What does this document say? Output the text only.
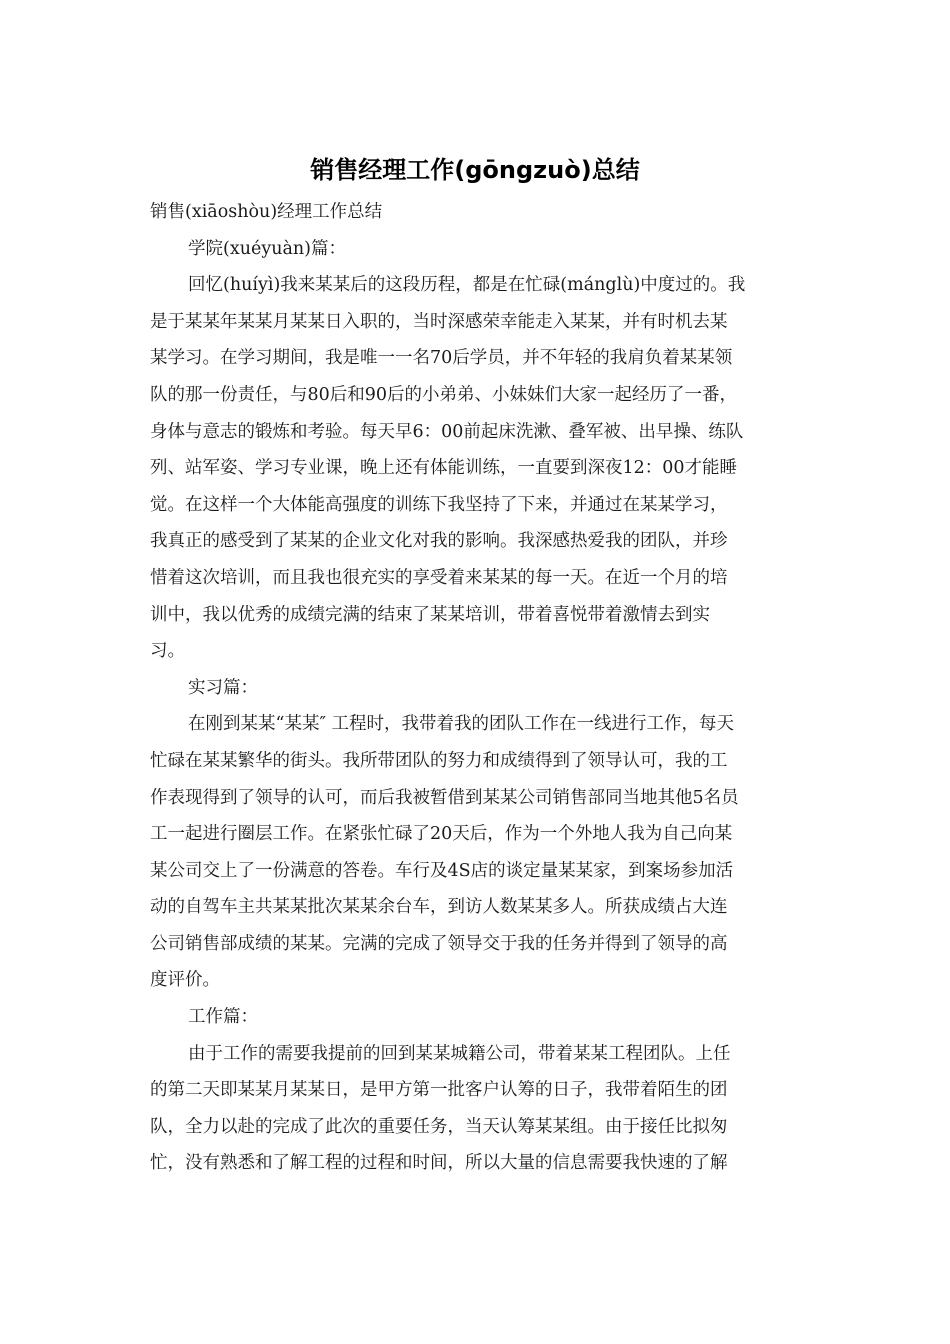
销售经理工作(gōngzuò)总结
销售(xiāoshòu)经理工作总结
学院(xuéyuàn)篇：
回忆(huíyì)我来某某后的这段历程，都是在忙碌(mánglù)中度过的。我
是于某某年某某月某某日入职的，当时深感荣幸能走入某某，并有时机去某
某学习。在学习期间，我是唯一一名70后学员，并不年轻的我肩负着某某领
队的那一份责任，与80后和90后的小弟弟、小妹妹们大家一起经历了一番，
身体与意志的锻炼和考验。每天早6：00前起床洗漱、叠军被、出早操、练队
列、站军姿、学习专业课，晚上还有体能训练，一直要到深夜12：00才能睡
觉。在这样一个大体能高强度的训练下我坚持了下来，并通过在某某学习，
我真正的感受到了某某的企业文化对我的影响。我深感热爱我的团队，并珍
惜着这次培训，而且我也很充实的享受着来某某的每一天。在近一个月的培
训中，我以优秀的成绩完满的结束了某某培训，带着喜悦带着激情去到实
习。
实习篇：
在刚到某某“某某″ 工程时，我带着我的团队工作在一线进行工作，每天
忙碌在某某繁华的街头。我所带团队的努力和成绩得到了领导认可，我的工
作表现得到了领导的认可，而后我被暂借到某某公司销售部同当地其他5名员
工一起进行圈层工作。在紧张忙碌了20天后，作为一个外地人我为自己向某
某公司交上了一份满意的答卷。车行及4S店的谈定量某某家，到案场参加活
动的自驾车主共某某批次某某余台车，到访人数某某多人。所获成绩占大连
公司销售部成绩的某某。完满的完成了领导交于我的任务并得到了领导的高
度评价。
工作篇：
由于工作的需要我提前的回到某某城籍公司，带着某某工程团队。上任
的第二天即某某月某某日，是甲方第一批客户认筹的日子，我带着陌生的团
队，全力以赴的完成了此次的重要任务，当天认筹某某组。由于接任比拟匆
忙，没有熟悉和了解工程的过程和时间，所以大量的信息需要我快速的了解
